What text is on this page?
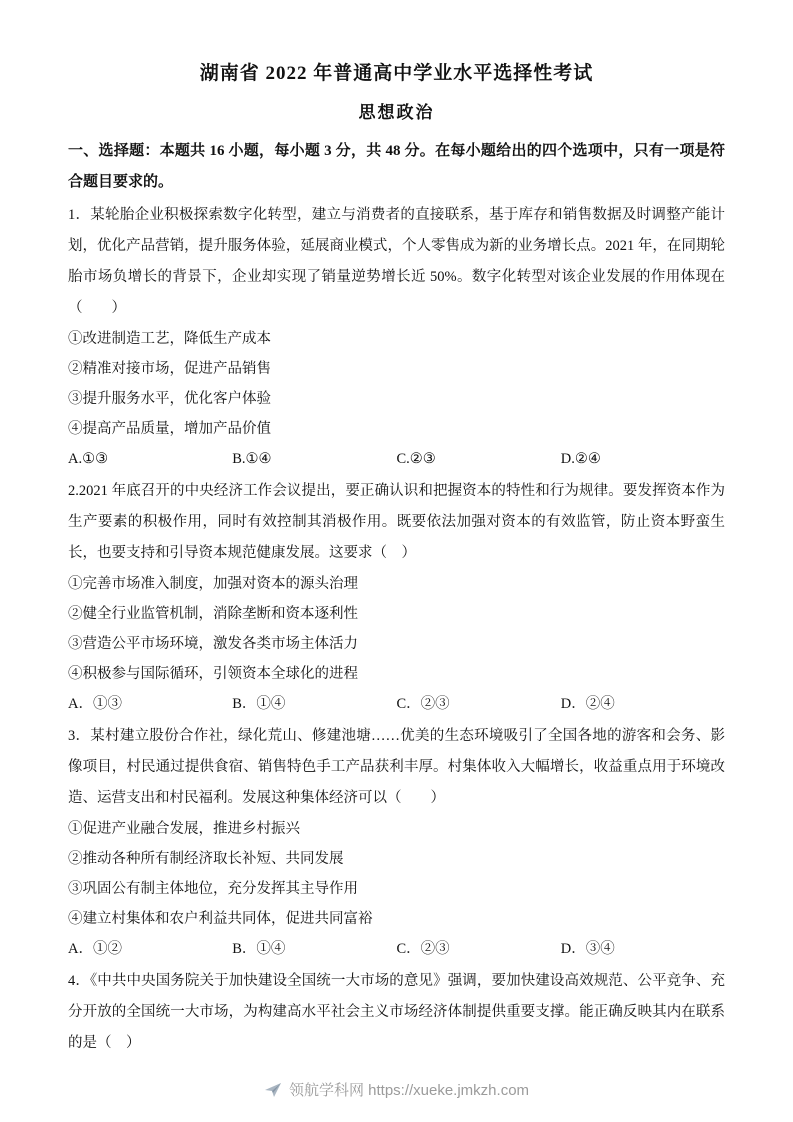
湖南省 2022 年普通高中学业水平选择性考试
思想政治

一、选择题：本题共 16 小题，每小题 3 分，共 48 分。在每小题给出的四个选项中，只有一项是符合题目要求的。

1．某轮胎企业积极探索数字化转型，建立与消费者的直接联系，基于库存和销售数据及时调整产能计划，优化产品营销，提升服务体验，延展商业模式，个人零售成为新的业务增长点。2021 年，在同期轮胎市场负增长的背景下，企业却实现了销量逆势增长近 50%。数字化转型对该企业发展的作用体现在（　　）

①改进制造工艺，降低生产成本

②精准对接市场，促进产品销售

③提升服务水平，优化客户体验

④提高产品质量，增加产品价值

A.①③	B.①④	C.②③	D.②④

2.2021 年底召开的中央经济工作会议提出，要正确认识和把握资本的特性和行为规律。要发挥资本作为生产要素的积极作用，同时有效控制其消极作用。既要依法加强对资本的有效监管，防止资本野蛮生长，也要支持和引导资本规范健康发展。这要求（　）

①完善市场准入制度，加强对资本的源头治理

②健全行业监管机制，消除垄断和资本逐利性

③营造公平市场环境，激发各类市场主体活力

④积极参与国际循环，引领资本全球化的进程

A．①③	B．①④	C．②③	D．②④

3．某村建立股份合作社，绿化荒山、修建池塘……优美的生态环境吸引了全国各地的游客和会务、影像项目，村民通过提供食宿、销售特色手工产品获利丰厚。村集体收入大幅增长，收益重点用于环境改造、运营支出和村民福利。发展这种集体经济可以（　　）

①促进产业融合发展，推进乡村振兴

②推动各种所有制经济取长补短、共同发展

③巩固公有制主体地位，充分发挥其主导作用

④建立村集体和农户利益共同体，促进共同富裕

A．①②	B．①④	C．②③	D．③④

4．《中共中央国务院关于加快建设全国统一大市场的意见》强调，要加快建设高效规范、公平竞争、充分开放的全国统一大市场，为构建高水平社会主义市场经济体制提供重要支撑。能正确反映其内在联系的是（　）

领航学科网 https://xueke.jmkzh.com
